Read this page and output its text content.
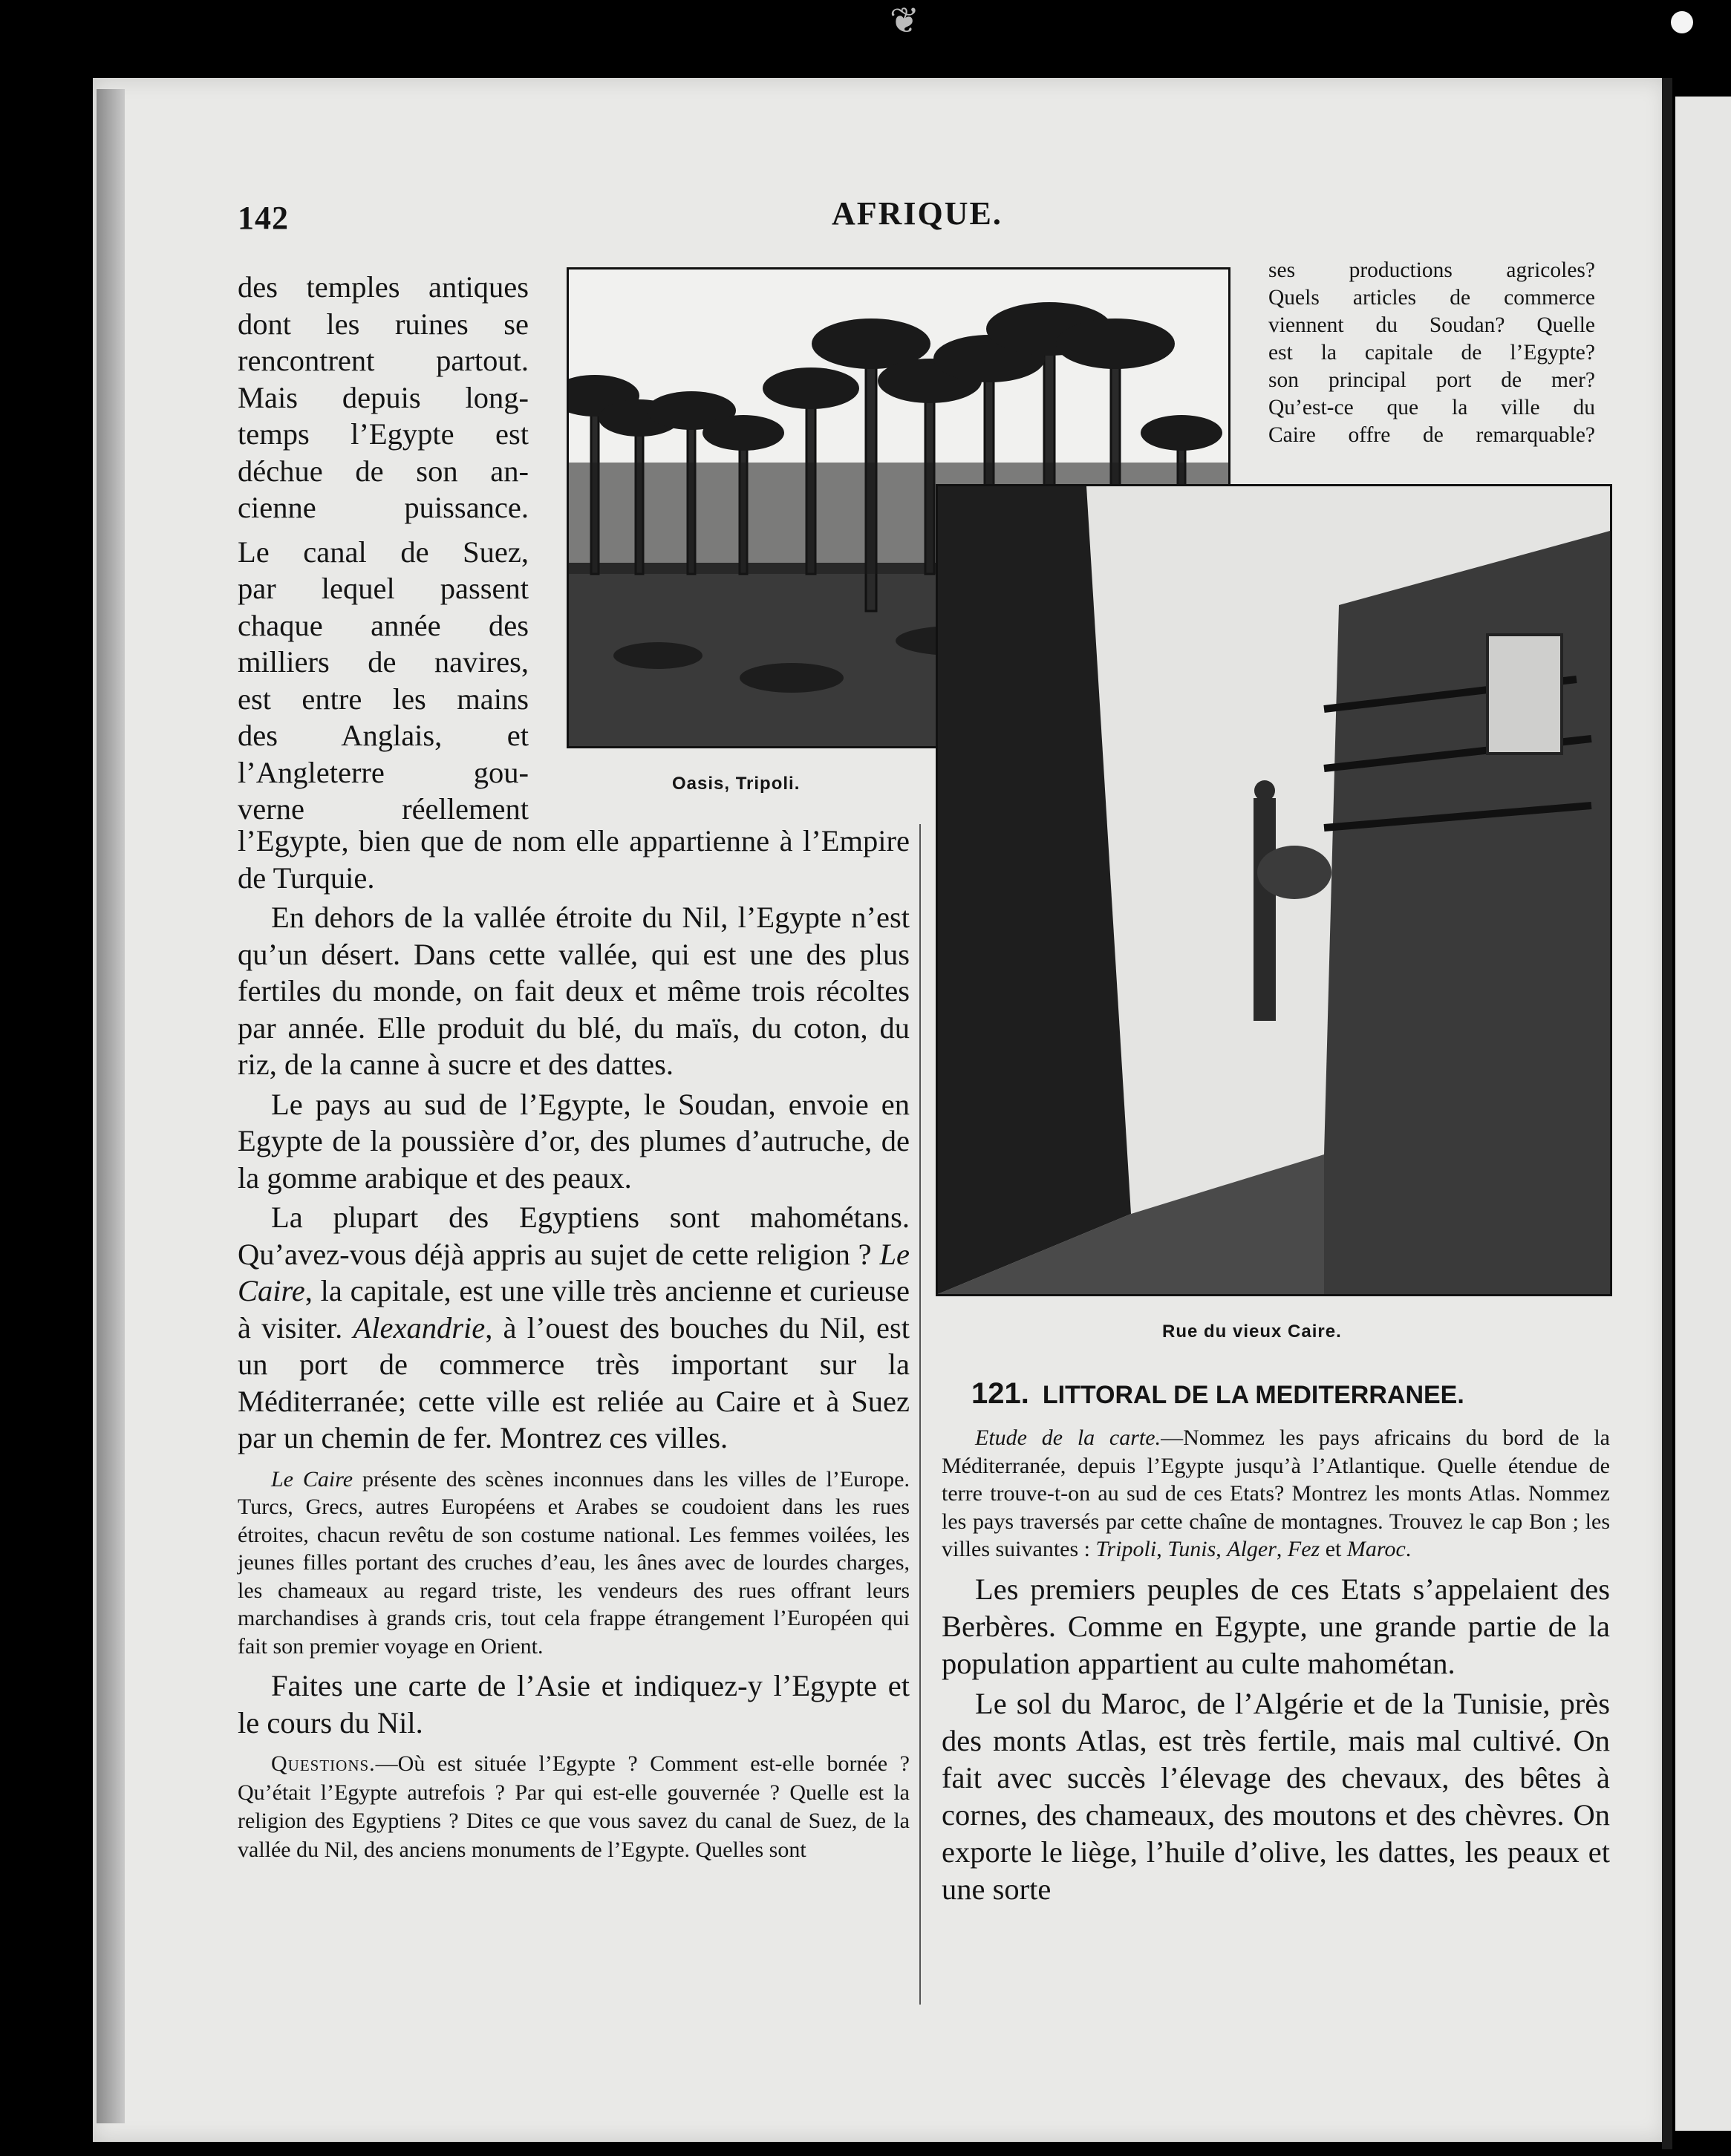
❦
142	AFRIQUE.
des temples antiques
dont les ruines se
rencontrent partout.
Mais depuis long-
temps l’Egypte est
déchue de son an-
cienne puissance.
Le canal de Suez,
par lequel passent
chaque année des
milliers de navires,
est entre les mains
des Anglais, et
l’Angleterre gou-
verne réellement
Oasis, Tripoli.
ses productions agricoles?
Quels articles de commerce
viennent du Soudan? Quelle
est la capitale de l’Egypte?
son principal port de mer?
Qu’est-ce que la ville du
Caire offre de remarquable?
Rue du vieux Caire.

l’Egypte, bien que de nom elle appartienne à l’Empire de Turquie.

En dehors de la vallée étroite du Nil, l’Egypte n’est qu’un désert. Dans cette vallée, qui est une des plus fertiles du monde, on fait deux et même trois récoltes par année. Elle produit du blé, du maïs, du coton, du riz, de la canne à sucre et des dattes.

Le pays au sud de l’Egypte, le Soudan, envoie en Egypte de la poussière d’or, des plumes d’autruche, de la gomme arabique et des peaux.

La plupart des Egyptiens sont mahométans. Qu’avez-vous déjà appris au sujet de cette religion ? Le Caire, la capitale, est une ville très ancienne et curieuse à visiter. Alexandrie, à l’ouest des bouches du Nil, est un port de commerce très important sur la Méditerranée; cette ville est reliée au Caire et à Suez par un chemin de fer. Montrez ces villes.

Le Caire présente des scènes inconnues dans les villes de l’Europe. Turcs, Grecs, autres Européens et Arabes se coudoient dans les rues étroites, chacun revêtu de son costume national. Les femmes voilées, les jeunes filles portant des cruches d’eau, les ânes avec de lourdes charges, les chameaux au regard triste, les vendeurs des rues offrant leurs marchandises à grands cris, tout cela frappe étrangement l’Européen qui fait son premier voyage en Orient.

Faites une carte de l’Asie et indiquez-y l’Egypte et le cours du Nil.

Questions.—Où est située l’Egypte ? Comment est-elle bornée ? Qu’était l’Egypte autrefois ? Par qui est-elle gouvernée ? Quelle est la religion des Egyptiens ? Dites ce que vous savez du canal de Suez, de la vallée du Nil, des anciens monuments de l’Egypte. Quelles sont

121. LITTORAL DE LA MEDITERRANEE.

Etude de la carte.—Nommez les pays africains du bord de la Méditerranée, depuis l’Egypte jusqu’à l’Atlantique. Quelle étendue de terre trouve-t-on au sud de ces Etats? Montrez les monts Atlas. Nommez les pays traversés par cette chaîne de montagnes. Trouvez le cap Bon ; les villes suivantes : Tripoli, Tunis, Alger, Fez et Maroc.

Les premiers peuples de ces Etats s’appelaient des Berbères. Comme en Egypte, une grande partie de la population appartient au culte mahométan.

Le sol du Maroc, de l’Algérie et de la Tunisie, près des monts Atlas, est très fertile, mais mal cultivé. On fait avec succès l’élevage des chevaux, des bêtes à cornes, des chameaux, des moutons et des chèvres. On exporte le liège, l’huile d’olive, les dattes, les peaux et une sorte
